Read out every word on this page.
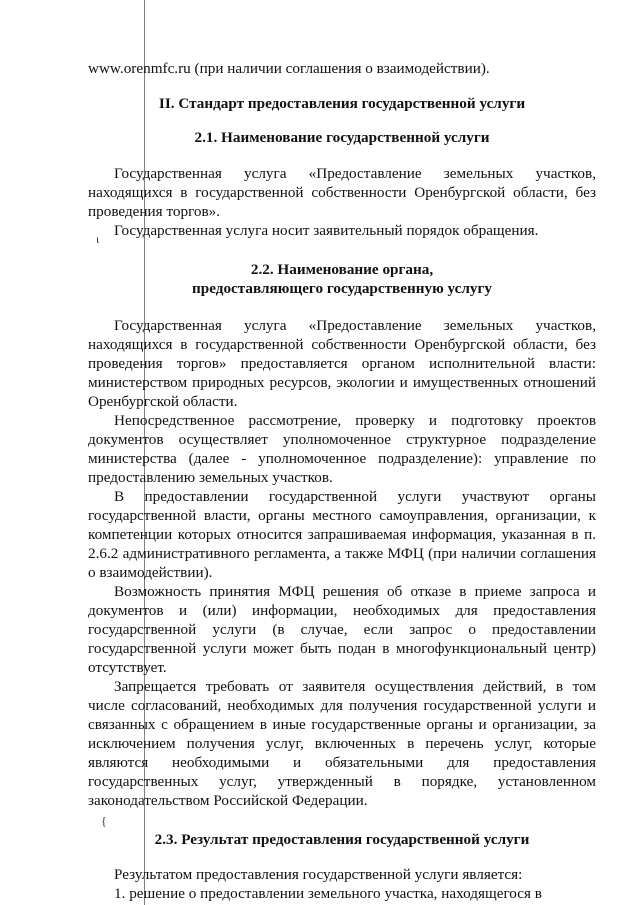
ι
{

www.orenmfc.ru (при наличии соглашения о взаимодействии).

II. Стандарт предоставления государственной услуги

2.1. Наименование государственной услуги

Государственная услуга «Предоставление земельных участков, находящихся в государственной собственности Оренбургской области, без проведения торгов».

Государственная услуга носит заявительный порядок обращения.

2.2. Наименование органа,

предоставляющего государственную услугу

Государственная услуга «Предоставление земельных участков, находящихся в государственной собственности Оренбургской области, без проведения торгов» предоставляется органом исполнительной власти: министерством природных ресурсов, экологии и имущественных отношений Оренбургской области.

Непосредственное рассмотрение, проверку и подготовку проектов документов осуществляет уполномоченное структурное подразделение министерства (далее - уполномоченное подразделение): управление по предоставлению земельных участков.

В предоставлении государственной услуги участвуют органы государственной власти, органы местного самоуправления, организации, к компетенции которых относится запрашиваемая информация, указанная в п. 2.6.2 административного регламента, а также МФЦ (при наличии соглашения о взаимодействии).

Возможность принятия МФЦ решения об отказе в приеме запроса и документов и (или) информации, необходимых для предоставления государственной услуги (в случае, если запрос о предоставлении государственной услуги может быть подан в многофункциональный центр) отсутствует.

Запрещается требовать от заявителя осуществления действий, в том числе согласований, необходимых для получения государственной услуги и связанных с обращением в иные государственные органы и организации, за исключением получения услуг, включенных в перечень услуг, которые являются необходимыми и обязательными для предоставления государственных услуг, утвержденный в порядке, установленном законодательством Российской Федерации.

2.3. Результат предоставления государственной услуги

Результатом предоставления государственной услуги является:

1. решение о предоставлении земельного участка, находящегося в
